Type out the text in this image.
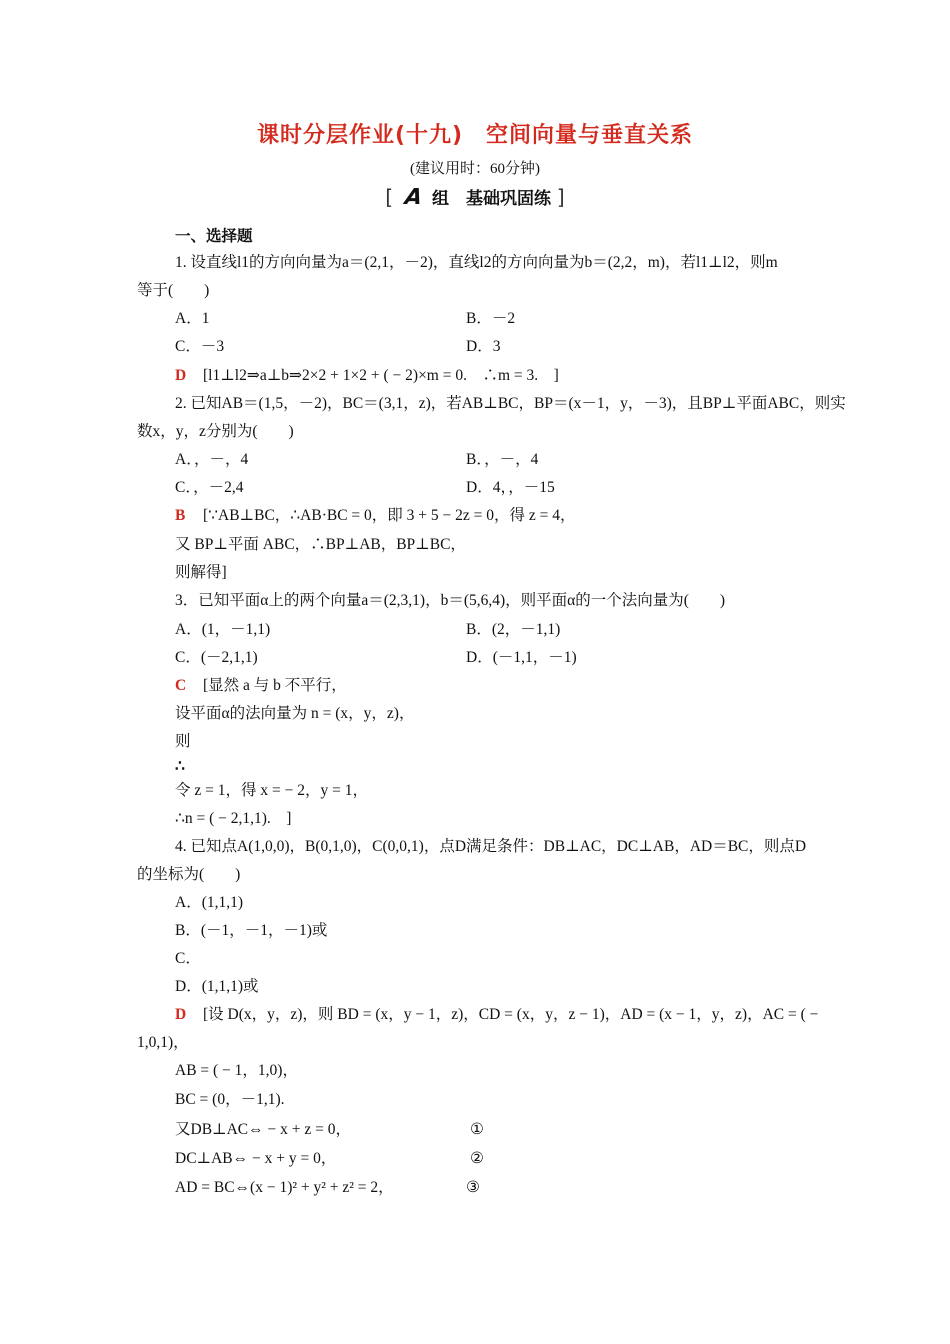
课时分层作业(十九)　空间向量与垂直关系
(建议用时：60分钟)
[ A 组　基础巩固练 ]
一、选择题
1. 设直线l1的方向向量为a＝(2,1，－2)，直线l2的方向向量为b＝(2,2，m)，若l1⊥l2，则m
等于(　　)
A．1	B．－2
C．－3	D．3
D [l1⊥l2⇒a⊥b⇒2×2 + 1×2 + ( − 2)×m = 0.　∴m = 3.　]
2. 已知AB＝(1,5，－2)，BC＝(3,1，z)，若AB⊥BC，BP＝(x－1，y，－3)，且BP⊥平面ABC，则实
数x，y，z分别为(　　)
A．，－，4	B．，－，4
C．，－2,4	D．4，，－15
B [∵AB⊥BC，∴AB·BC = 0，即 3 + 5 − 2z = 0，得 z = 4，
又 BP⊥平面 ABC，∴BP⊥AB，BP⊥BC，
则解得]
3．已知平面α上的两个向量a＝(2,3,1)，b＝(5,6,4)，则平面α的一个法向量为(　　)
A．(1，－1,1)	B．(2，－1,1)
C．(－2,1,1)	D．(－1,1，－1)
C [显然 a 与 b 不平行，
设平面α的法向量为 n = (x，y，z)，
则
∴
令 z = 1，得 x = − 2，y = 1，
∴n = ( − 2,1,1).　]
4. 已知点A(1,0,0)，B(0,1,0)，C(0,0,1)，点D满足条件：DB⊥AC，DC⊥AB，AD＝BC，则点D
的坐标为(　　)
A．(1,1,1)
B．(－1，－1，－1)或
C．
D．(1,1,1)或
D [设 D(x，y，z)，则 BD = (x，y − 1，z)，CD = (x，y，z − 1)，AD = (x − 1，y，z)，AC = ( −
1,0,1)，
AB = ( − 1，1,0)，
BC = (0，－1,1).
又DB⊥AC⇔ − x + z = 0，	①
DC⊥AB⇔ − x + y = 0，	②
AD = BC⇔(x − 1)² + y² + z² = 2，	③
